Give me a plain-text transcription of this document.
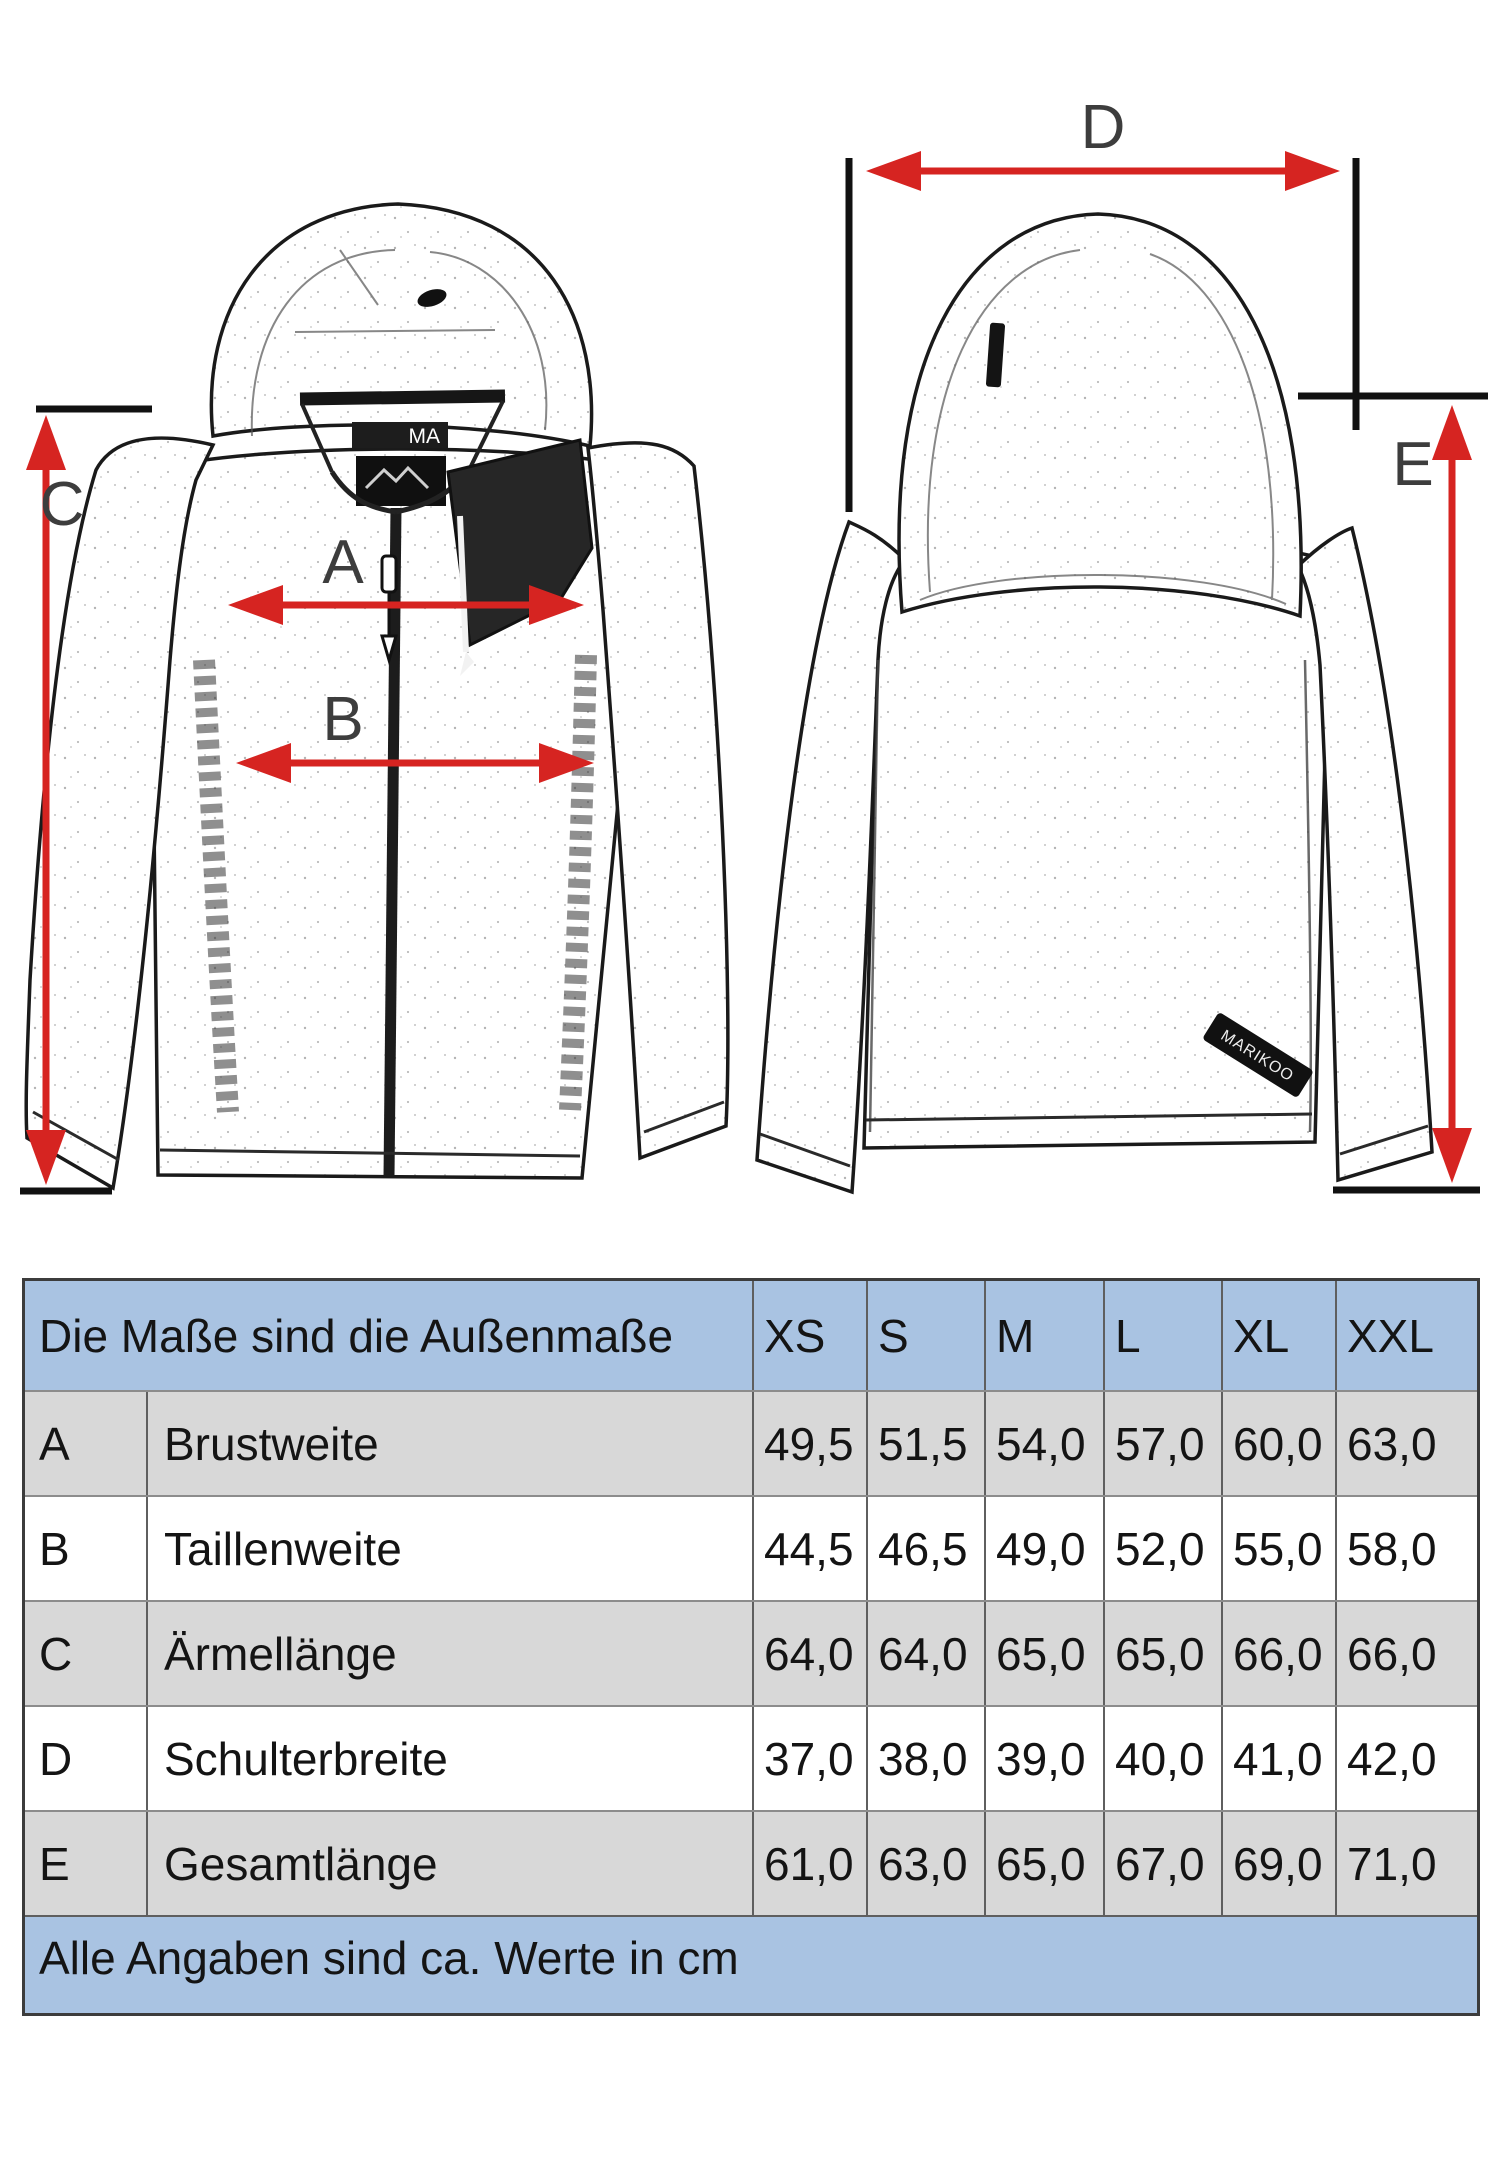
MA
MARIKOO
C
A
B
D
E
Die Maße sind die Außenmaße	XS	S	M	L	XL	XXL
A	Brustweite	49,5 51,5 54,0 57,0 60,0 63,0
B	Taillenweite	44,5 46,5 49,0 52,0 55,0 58,0
C	Ärmellänge	64,0 64,0 65,0 65,0 66,0 66,0
D	Schulterbreite	37,0 38,0 39,0 40,0 41,0 42,0
E	Gesamtlänge	61,0 63,0 65,0 67,0 69,0 71,0
Alle Angaben sind ca. Werte in cm
